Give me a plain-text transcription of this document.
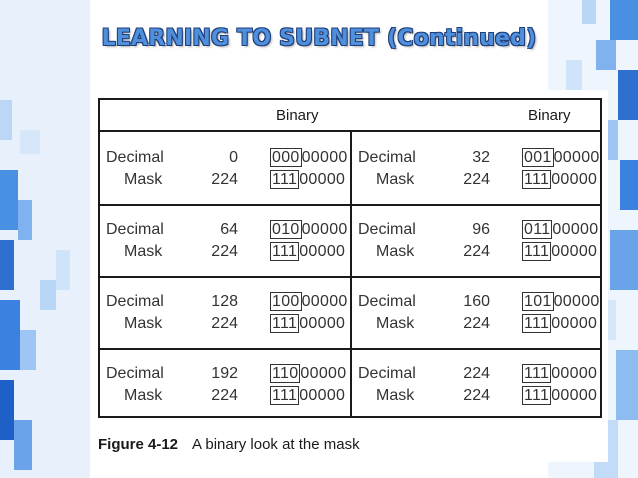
LEARNING TO SUBNET (Continued)
Binary	Binary
Decimal
Mask
0
224
000 00000
111 00000
Decimal
Mask
32
224
001 00000
111 00000
Decimal
Mask
64
224
010 00000
111 00000
Decimal
Mask
96
224
011 00000
111 00000
Decimal
Mask
128
224
100 00000
111 00000
Decimal
Mask
160
224
101 00000
111 00000
Decimal
Mask
192
224
110 00000
111 00000
Decimal
Mask
224
224
111 00000
111 00000
Figure 4-12 A binary look at the mask
